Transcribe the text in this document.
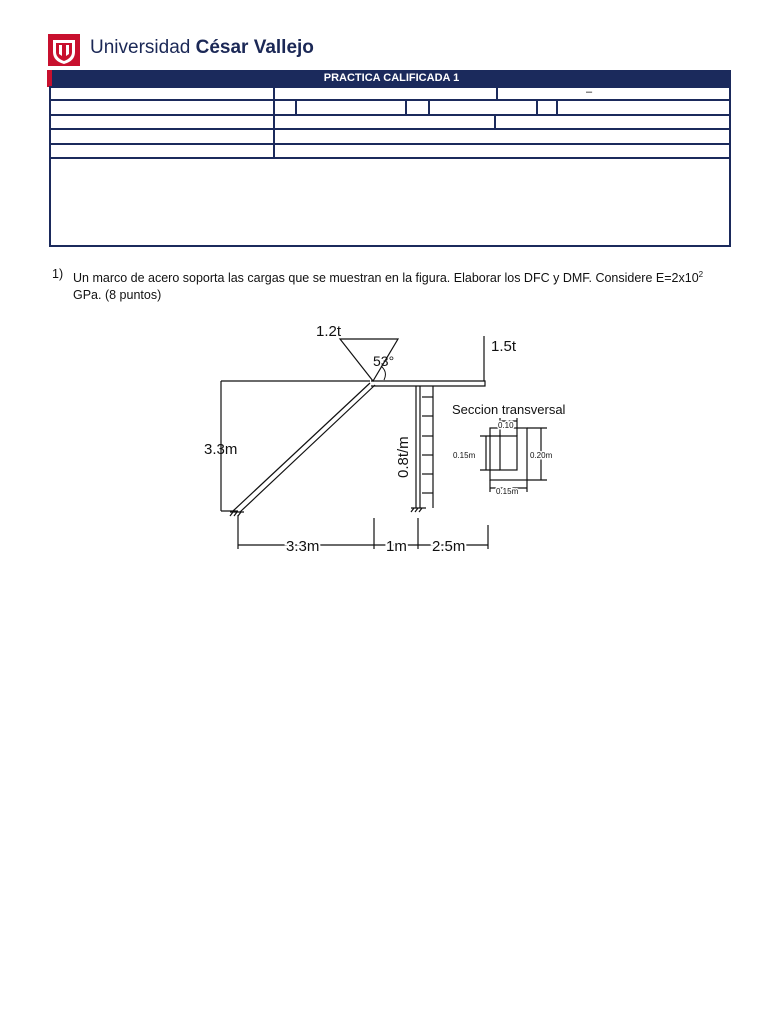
Universidad César Vallejo
PRACTICA CALIFICADA 1
–
1) Un marco de acero soporta las cargas que se muestran en la figura. Elaborar los DFC y DMF. Considere $E=2x10^2$ GPa. (8 puntos)
1.2t
53°
1.5t
3.3m	0.8t/m
3.3m	1m 2.5m
Seccion transversal
0.10
0.15m	0.20m
0.15m
